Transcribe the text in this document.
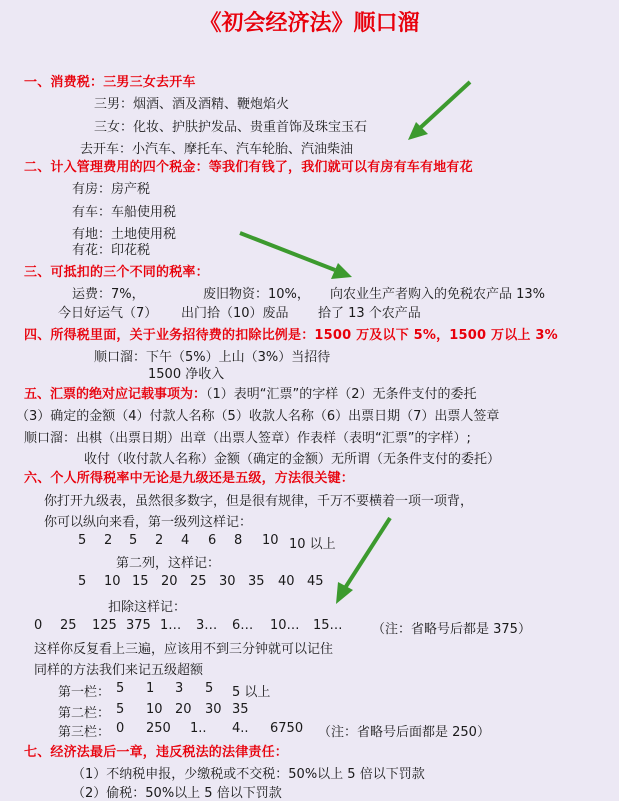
《初会经济法》顺口溜
一、消费税：三男三女去开车
三男：烟酒、酒及酒精、鞭炮焰火
三女：化妆、护肤护发品、贵重首饰及珠宝玉石
去开车：小汽车、摩托车、汽车轮胎、汽油柴油
二、计入管理费用的四个税金：等我们有钱了，我们就可以有房有车有地有花
有房：房产税
有车：车船使用税
有地：土地使用税
有花：印花税
三、可抵扣的三个不同的税率：
运费：7%，	废旧物资：10%， 向农业生产者购入的免税农产品 13%
今日好运气（7） 出门拾（10）废品 拾了 13 个农产品
四、所得税里面，关于业务招待费的扣除比例是：1500 万及以下 5%，1500 万以上 3%
顺口溜：下午（5%）上山（3%）当招待
1500 净收入
五、汇票的绝对应记载事项为：（1）表明“汇票”的字样（2）无条件支付的委托
（3）确定的金额（4）付款人名称（5）收款人名称（6）出票日期（7）出票人签章
顺口溜：出棋（出票日期）出章（出票人签章）作表样（表明“汇票”的字样）;
收付（收付款人名称）金额（确定的金额）无所谓（无条件支付的委托）
六、个人所得税率中无论是九级还是五级，方法很关键：
你打开九级表，虽然很多数字，但是很有规律，千万不要横着一项一项背，
你可以纵向来看，第一级列这样记：
5 2 5 2 4 6 8 10 10 以上
第二列，这样记：
5 10 15 20 25 30 35 40 45
扣除这样记：
0 25 125 375 1… 3… 6… 10… 15… （注：省略号后都是 375）
这样你反复看上三遍，应该用不到三分钟就可以记住
同样的方法我们来记五级超额
第一栏： 5 1 3 5 5 以上
第二栏： 5 10 20 30 35
第三栏： 0 250 1.. 4.. 6750 （注：省略号后面都是 250）
七、经济法最后一章，违反税法的法律责任：
（1）不纳税申报，少缴税或不交税：50%以上 5 倍以下罚款
（2）偷税：50%以上 5 倍以下罚款
